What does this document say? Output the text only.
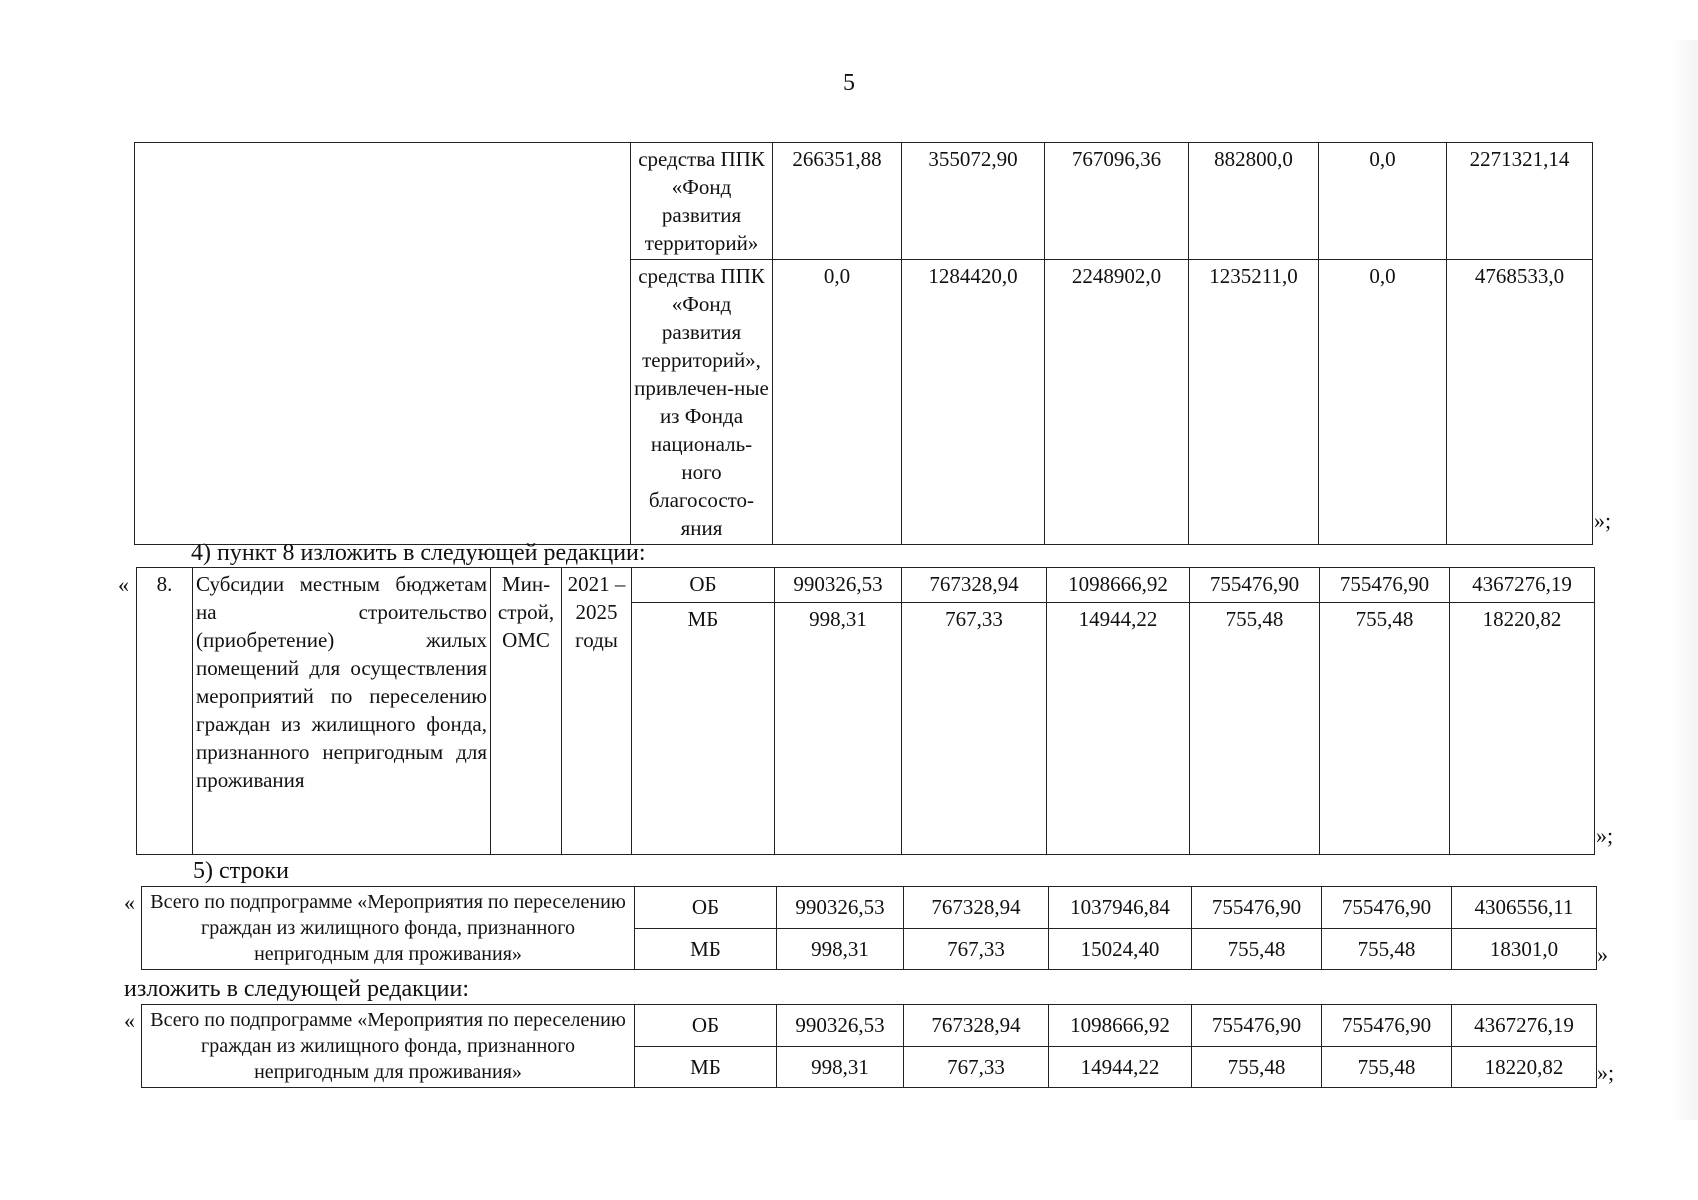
5
	средства ППК «Фонд развития территорий»	266351,88	355072,90	767096,36	882800,0	0,0	2271321,14
	средства ППК «Фонд развития территорий», привлечен-ные из Фонда националь-ного благососто-яния	0,0	1284420,0	2248902,0	1235211,0	0,0	4768533,0
»;
4) пункт 8 изложить в следующей редакции:
« 8.	Субсидии местным бюджетам на строительство (приобретение) жилых помещений для осуществления мероприятий по переселению граждан из жилищного фонда, признанного непригодным для проживания	Мин-строй, ОМС	2021 – 2025 годы	ОБ	990326,53	767328,94	1098666,92	755476,90	755476,90	4367276,19
				МБ	998,31	767,33	14944,22	755,48	755,48	18220,82
»;
5) строки
« Всего по подпрограмме «Мероприятия по переселению граждан из жилищного фонда, признанного непригодным для проживания»	ОБ	990326,53	767328,94	1037946,84	755476,90	755476,90	4306556,11
	МБ	998,31	767,33	15024,40	755,48	755,48	18301,0 »
изложить в следующей редакции:
« Всего по подпрограмме «Мероприятия по переселению граждан из жилищного фонда, признанного непригодным для проживания»	ОБ	990326,53	767328,94	1098666,92	755476,90	755476,90	4367276,19
	МБ	998,31	767,33	14944,22	755,48	755,48	18220,82 »;
